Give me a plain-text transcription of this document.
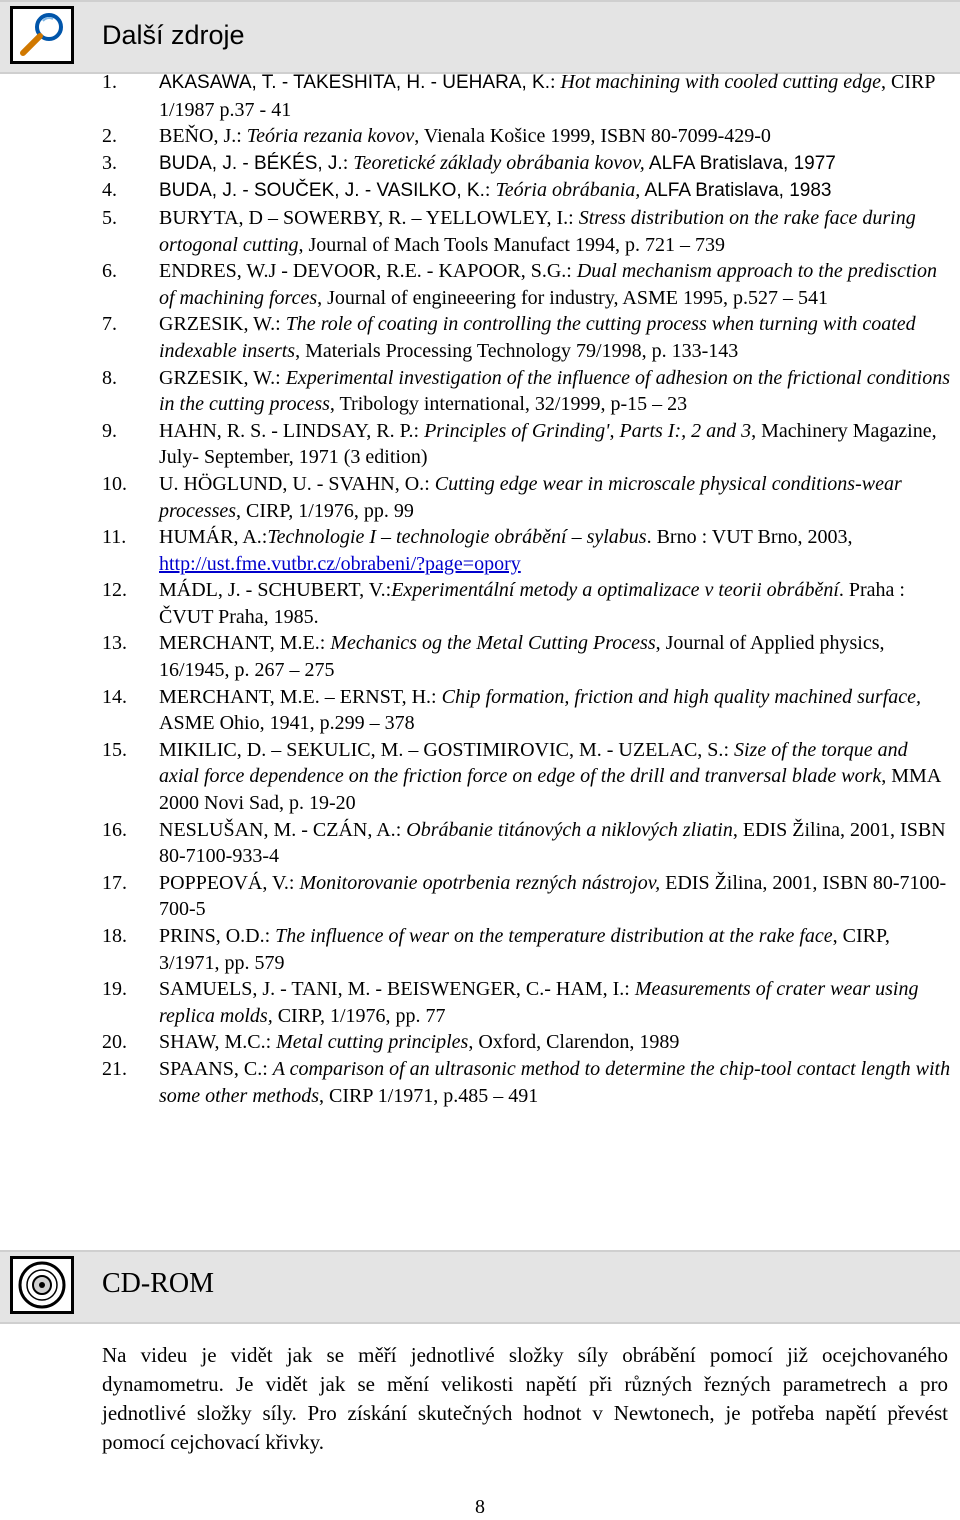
Další zdroje
1. AKASAWA, T. - TAKESHITA, H. - UEHARA, K.: Hot machining with cooled cutting edge, CIRP 1/1987 p.37 - 41
2. BEŇO, J.: Teória rezania kovov, Vienala Košice 1999, ISBN 80-7099-429-0
3. BUDA, J. - BÉKÉS, J.: Teoretické základy obrábania kovov, ALFA Bratislava, 1977
4. BUDA, J. - SOUČEK, J. - VASILKO, K.: Teória obrábania, ALFA Bratislava, 1983
5. BURYTA, D – SOWERBY, R. – YELLOWLEY, I.: Stress distribution on the rake face during ortogonal cutting, Journal of Mach Tools Manufact 1994, p. 721 – 739
6. ENDRES, W.J - DEVOOR, R.E. - KAPOOR, S.G.: Dual mechanism approach to the predisction of machining forces, Journal of engineeering for industry, ASME 1995, p.527 – 541
7. GRZESIK, W.: The role of coating in controlling the cutting process when turning with coated indexable inserts, Materials Processing Technology 79/1998, p. 133-143
8. GRZESIK, W.: Experimental investigation of the influence of adhesion on the frictional conditions in the cutting process, Tribology international, 32/1999, p-15 – 23
9. HAHN, R. S. - LINDSAY, R. P.: Principles of Grinding', Parts I:, 2 and 3, Machinery Magazine, July- September, 1971 (3 edition)
10. U. HÖGLUND, U. - SVAHN, O.: Cutting edge wear in microscale physical conditions-wear processes, CIRP, 1/1976, pp. 99
11. HUMÁR, A.:Technologie I – technologie obrábění – sylabus. Brno : VUT Brno, 2003, http://ust.fme.vutbr.cz/obrabeni/?page=opory
12. MÁDL, J. - SCHUBERT, V.:Experimentální metody a optimalizace v teorii obrábění. Praha : ČVUT Praha, 1985.
13. MERCHANT, M.E.: Mechanics og the Metal Cutting Process, Journal of Applied physics, 16/1945, p. 267 – 275
14. MERCHANT, M.E. – ERNST, H.: Chip formation, friction and high quality machined surface, ASME Ohio, 1941, p.299 – 378
15. MIKILIC, D. – SEKULIC, M. – GOSTIMIROVIC, M. - UZELAC, S.: Size of the torque and axial force dependence on the friction force on edge of the drill and tranversal blade work, MMA 2000 Novi Sad, p. 19-20
16. NESLUŠAN, M. - CZÁN, A.: Obrábanie titánových a niklových zliatin, EDIS Žilina, 2001, ISBN 80-7100-933-4
17. POPPEOVÁ, V.: Monitorovanie opotrbenia rezných nástrojov, EDIS Žilina, 2001, ISBN 80-7100-700-5
18. PRINS, O.D.: The influence of wear on the temperature distribution at the rake face, CIRP, 3/1971, pp. 579
19. SAMUELS, J. - TANI, M. - BEISWENGER, C.- HAM, I.: Measurements of crater wear using replica molds, CIRP, 1/1976, pp. 77
20. SHAW, M.C.: Metal cutting principles, Oxford, Clarendon, 1989
21. SPAANS, C.: A comparison of an ultrasonic method to determine the chip-tool contact length with some other methods, CIRP 1/1971, p.485 – 491
CD-ROM

Na videu je vidět jak se měří jednotlivé složky síly obrábění pomocí již ocejchovaného dynamometru. Je vidět jak se mění velikosti napětí při různých řezných parametrech a pro jednotlivé složky síly. Pro získání skutečných hodnot v Newtonech, je potřeba napětí převést pomocí cejchovací křivky.

8
